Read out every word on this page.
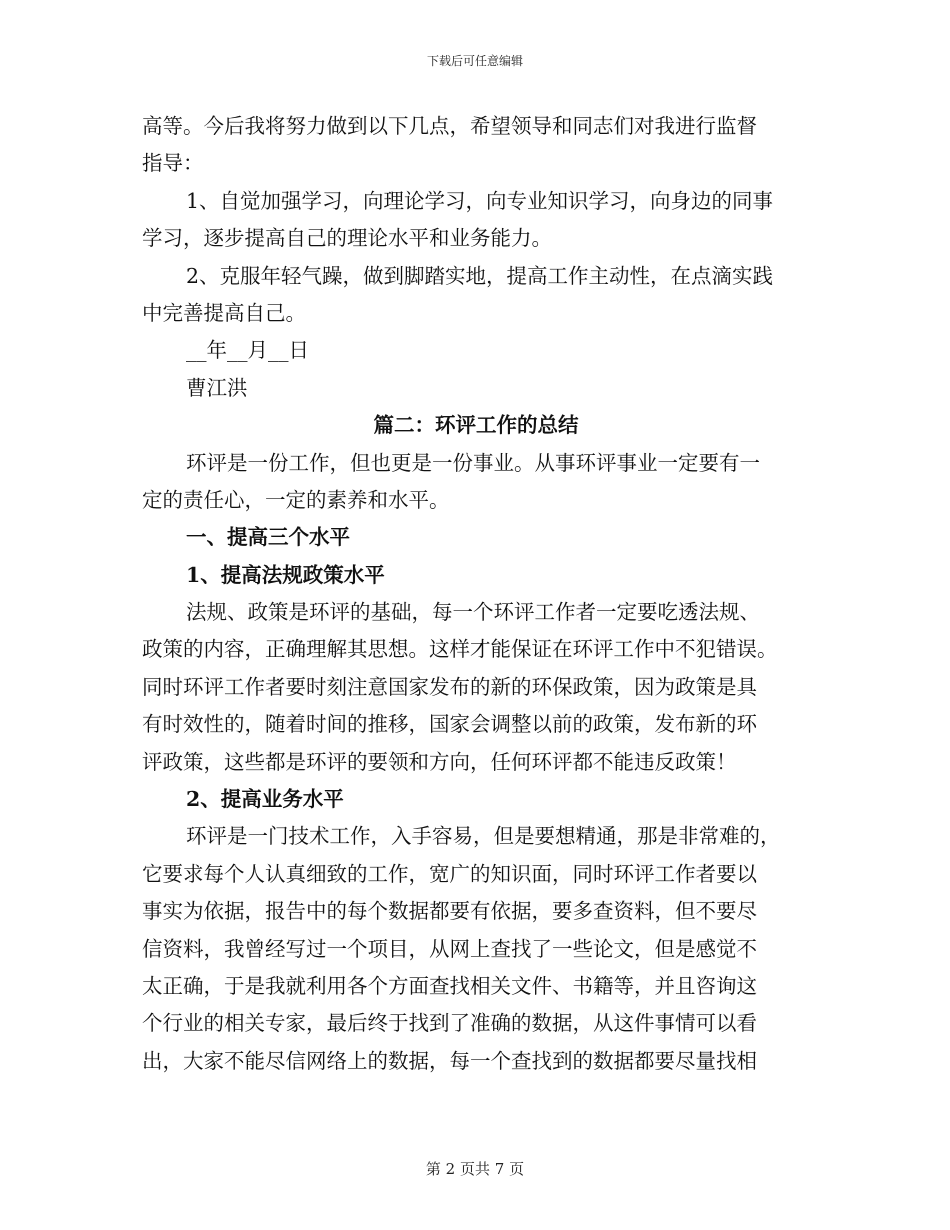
下载后可任意编辑
高等。今后我将努力做到以下几点，希望领导和同志们对我进行监督
指导：
1、自觉加强学习，向理论学习，向专业知识学习，向身边的同事
学习，逐步提高自己的理论水平和业务能力。
2、克服年轻气躁，做到脚踏实地，提高工作主动性，在点滴实践
中完善提高自己。
__年__月__日
曹江洪
篇二：环评工作的总结
环评是一份工作，但也更是一份事业。从事环评事业一定要有一
定的责任心，一定的素养和水平。
一、提高三个水平
1、提高法规政策水平
法规、政策是环评的基础，每一个环评工作者一定要吃透法规、
政策的内容，正确理解其思想。这样才能保证在环评工作中不犯错误。
同时环评工作者要时刻注意国家发布的新的环保政策，因为政策是具
有时效性的，随着时间的推移，国家会调整以前的政策，发布新的环
评政策，这些都是环评的要领和方向，任何环评都不能违反政策！
2、提高业务水平
环评是一门技术工作，入手容易，但是要想精通，那是非常难的，
它要求每个人认真细致的工作，宽广的知识面，同时环评工作者要以
事实为依据，报告中的每个数据都要有依据，要多查资料，但不要尽
信资料，我曾经写过一个项目，从网上查找了一些论文，但是感觉不
太正确，于是我就利用各个方面查找相关文件、书籍等，并且咨询这
个行业的相关专家，最后终于找到了准确的数据，从这件事情可以看
出，大家不能尽信网络上的数据，每一个查找到的数据都要尽量找相
第 2 页共 7 页
